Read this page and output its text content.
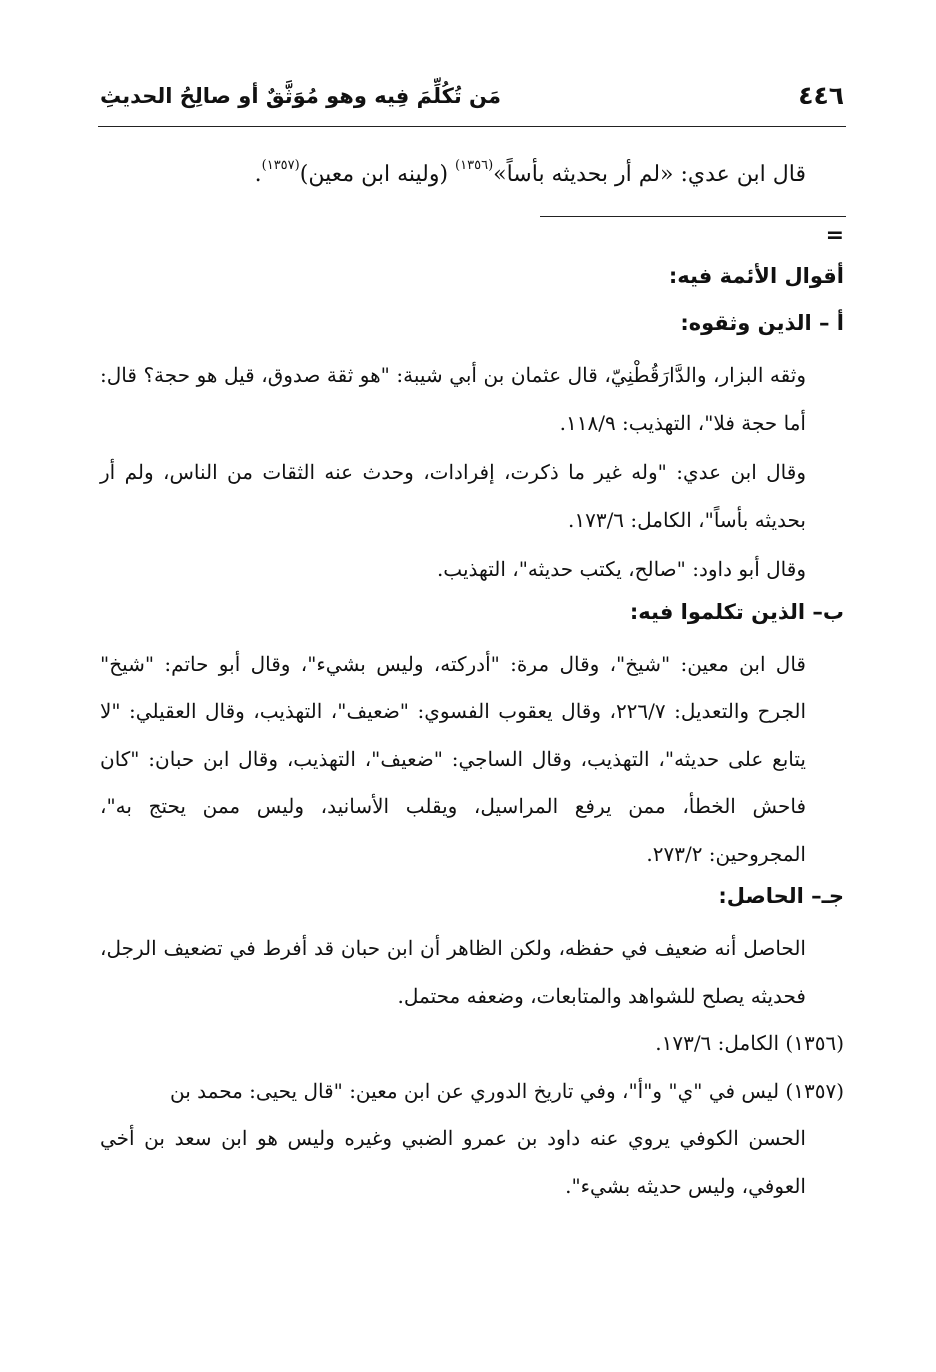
٤٤٦
مَن تُكُلِّمَ فِيه وهو مُوَثَّقٌ أو صالِحُ الحديثِ
قال ابن عدي: «لم أر بحديثه بأساً»$^{(١٣٥٦)}$ (ولينه ابن معين)$^{(١٣٥٧)}$.
=
أقوال الأئمة فيه:
أ – الذين وثقوه:

وثقه البزار، والدَّارَقُطْنِيّ، قال عثمان بن أبي شيبة: "هو ثقة صدوق، قيل هو حجة؟ قال: أما حجة فلا"، التهذيب: ١١٨/٩.

وقال ابن عدي: "وله غير ما ذكرت، إفرادات، وحدث عنه الثقات من الناس، ولم أر بحديثه بأساً"، الكامل: ١٧٣/٦.

وقال أبو داود: "صالح، يكتب حديثه"، التهذيب.

ب– الذين تكلموا فيه:

قال ابن معين: "شيخ"، وقال مرة: "أدركته، وليس بشيء"، وقال أبو حاتم: "شيخ" الجرح والتعديل: ٢٢٦/٧، وقال يعقوب الفسوي: "ضعيف"، التهذيب، وقال العقيلي: "لا يتابع على حديثه"، التهذيب، وقال الساجي: "ضعيف"، التهذيب، وقال ابن حبان: "كان فاحش الخطأ، ممن يرفع المراسيل، ويقلب الأسانيد، وليس ممن يحتج به"، المجروحين: ٢٧٣/٢.

جـ– الحاصل:

الحاصل أنه ضعيف في حفظه، ولكن الظاهر أن ابن حبان قد أفرط في تضعيف الرجل، فحديثه يصلح للشواهد والمتابعات، وضعفه محتمل.

(١٣٥٦) الكامل: ١٧٣/٦.

(١٣٥٧) ليس في "ي" و"أ"، وفي تاريخ الدوري عن ابن معين: "قال يحيى: محمد بن
الحسن الكوفي يروي عنه داود بن عمرو الضبي وغيره وليس هو ابن سعد بن أخي العوفي، وليس حديثه بشيء".
